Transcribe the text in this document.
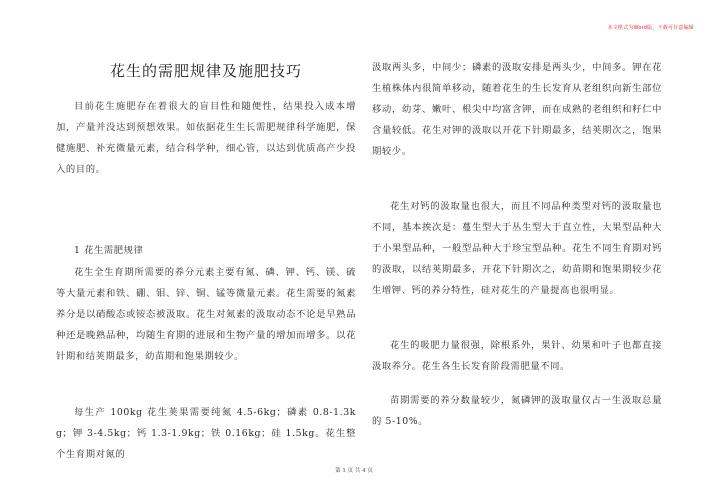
本文格式为Word版，下载可任意编辑
花生的需肥规律及施肥技巧

目前花生施肥存在着很大的盲目性和随便性，结果投入成本增加，产量并没达到预想效果。如依据花生生长需肥规律科学施肥，保健施肥、补充微量元素，结合科学种，细心管，以达到优质高产少投入的目的。

1 花生需肥规律

花生全生育期所需要的养分元素主要有氮、磷、钾、钙、镁、硫等大量元素和铁、硼、钼、锌、铜、锰等微量元素。花生需要的氮素养分是以硝酸态或铵态被汲取。花生对氮素的汲取动态不论是早熟品种还是晚熟品种，均随生育期的进展和生物产量的增加而增多。以花针期和结荚期最多，幼苗期和饱果期较少。

每生产 100kg 花生荚果需要纯氮 4.5-6kg；磷素 0.8-1.3kg；钾 3-4.5kg；钙 1.3-1.9kg；铁 0.16kg；硅 1.5kg。花生整个生育期对氮的

汲取两头多，中间少；磷素的汲取安排是两头少，中间多。钾在花生植株体内很简单移动，随着花生的生长发育从老组织向新生部位移动，幼芽、嫩叶、根尖中均富含钾，而在成熟的老组织和籽仁中含量较低。花生对钾的汲取以开花下针期最多，结荚期次之，饱果期较少。

花生对钙的汲取量也很大，而且不同品种类型对钙的汲取量也不同，基本挨次是：蔓生型大于丛生型大于直立性，大果型品种大于小果型品种，一般型品种大于珍宝型品种。花生不同生育期对钙的汲取，以结荚期最多，开花下针期次之，幼苗期和饱果期较少花生增钾、钙的养分特性，硅对花生的产量提高也很明显。

花生的吸肥力量很强，除根系外，果针、幼果和叶子也都直接汲取养分。花生各生长发育阶段需肥量不同。

苗期需要的养分数量较少，氮磷钾的汲取量仅占一生汲取总量的 5-10%。

第 1 页 共 4 页
